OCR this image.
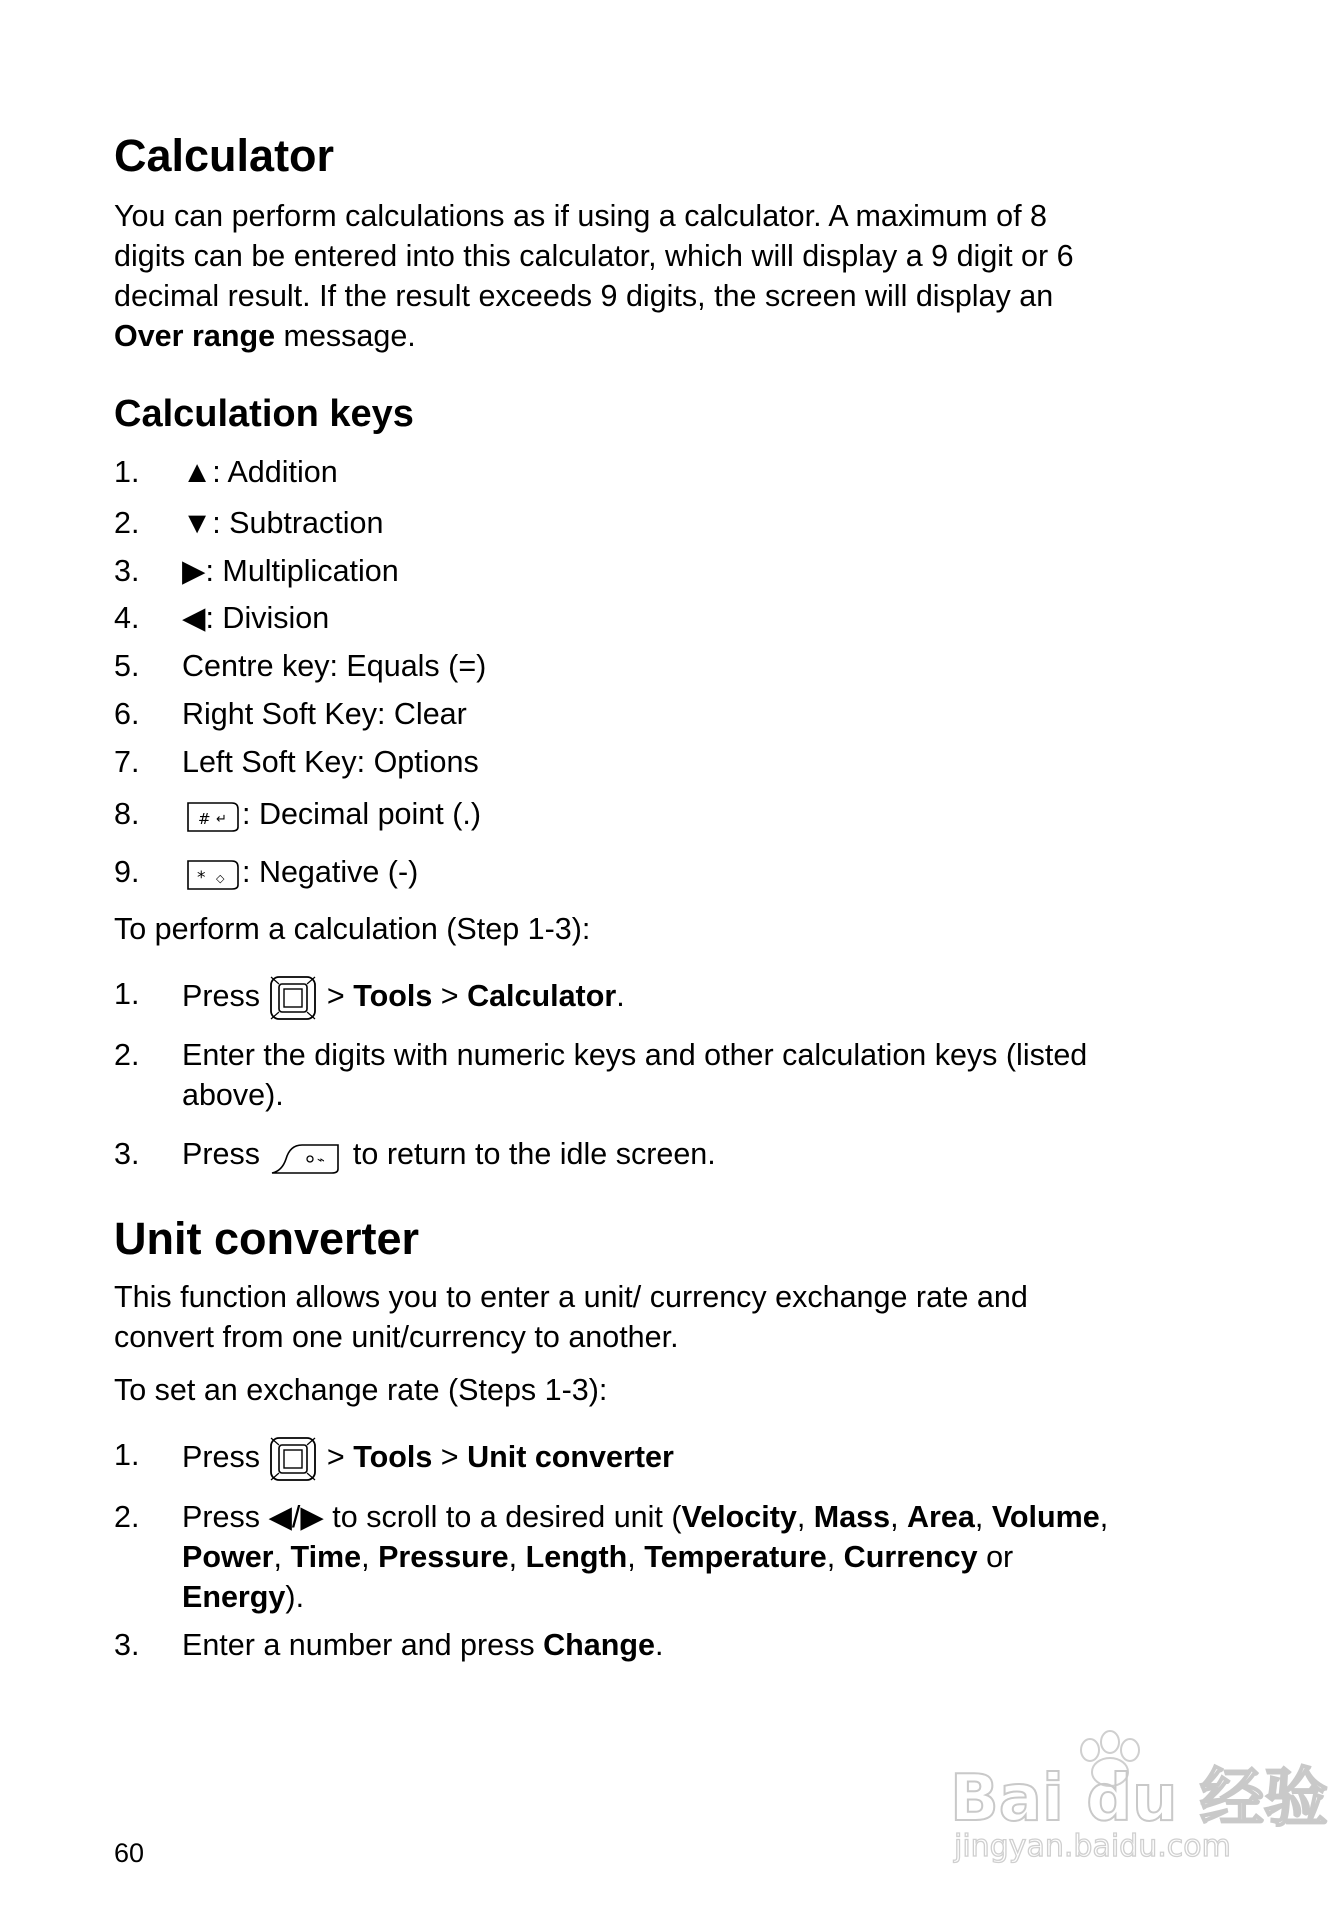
Calculator

You can perform calculations as if using a calculator. A maximum of 8
digits can be entered into this calculator, which will display a 9 digit or 6
decimal result. If the result exceeds 9 digits, the screen will display an
Over range message.

Calculation keys
1. ▲: Addition
2. ▼: Subtraction
3. ▶: Multiplication
4. ◀: Division
5. Centre key: Equals (=)
6. Right Soft Key: Clear
7. Left Soft Key: Options
8.	# ↵ : Decimal point (.)
9.	* ◇ : Negative (-)

To perform a calculation (Step 1-3):

1. Press  > Tools > Calculator.
2. Enter the digits with numeric keys and other calculation keys (listed
above).
3. Press	⌁ to return to the idle screen.
Unit converter

This function allows you to enter a unit/ currency exchange rate and
convert from one unit/currency to another.

To set an exchange rate (Steps 1-3):

1. Press  > Tools > Unit converter
2. Press ◀/▶ to scroll to a desired unit (Velocity, Mass, Area, Volume,
Power, Time, Pressure, Length, Temperature, Currency or
Energy).
3. Enter a number and press Change.
60
Bai du 经验
jingyan.baidu.com
